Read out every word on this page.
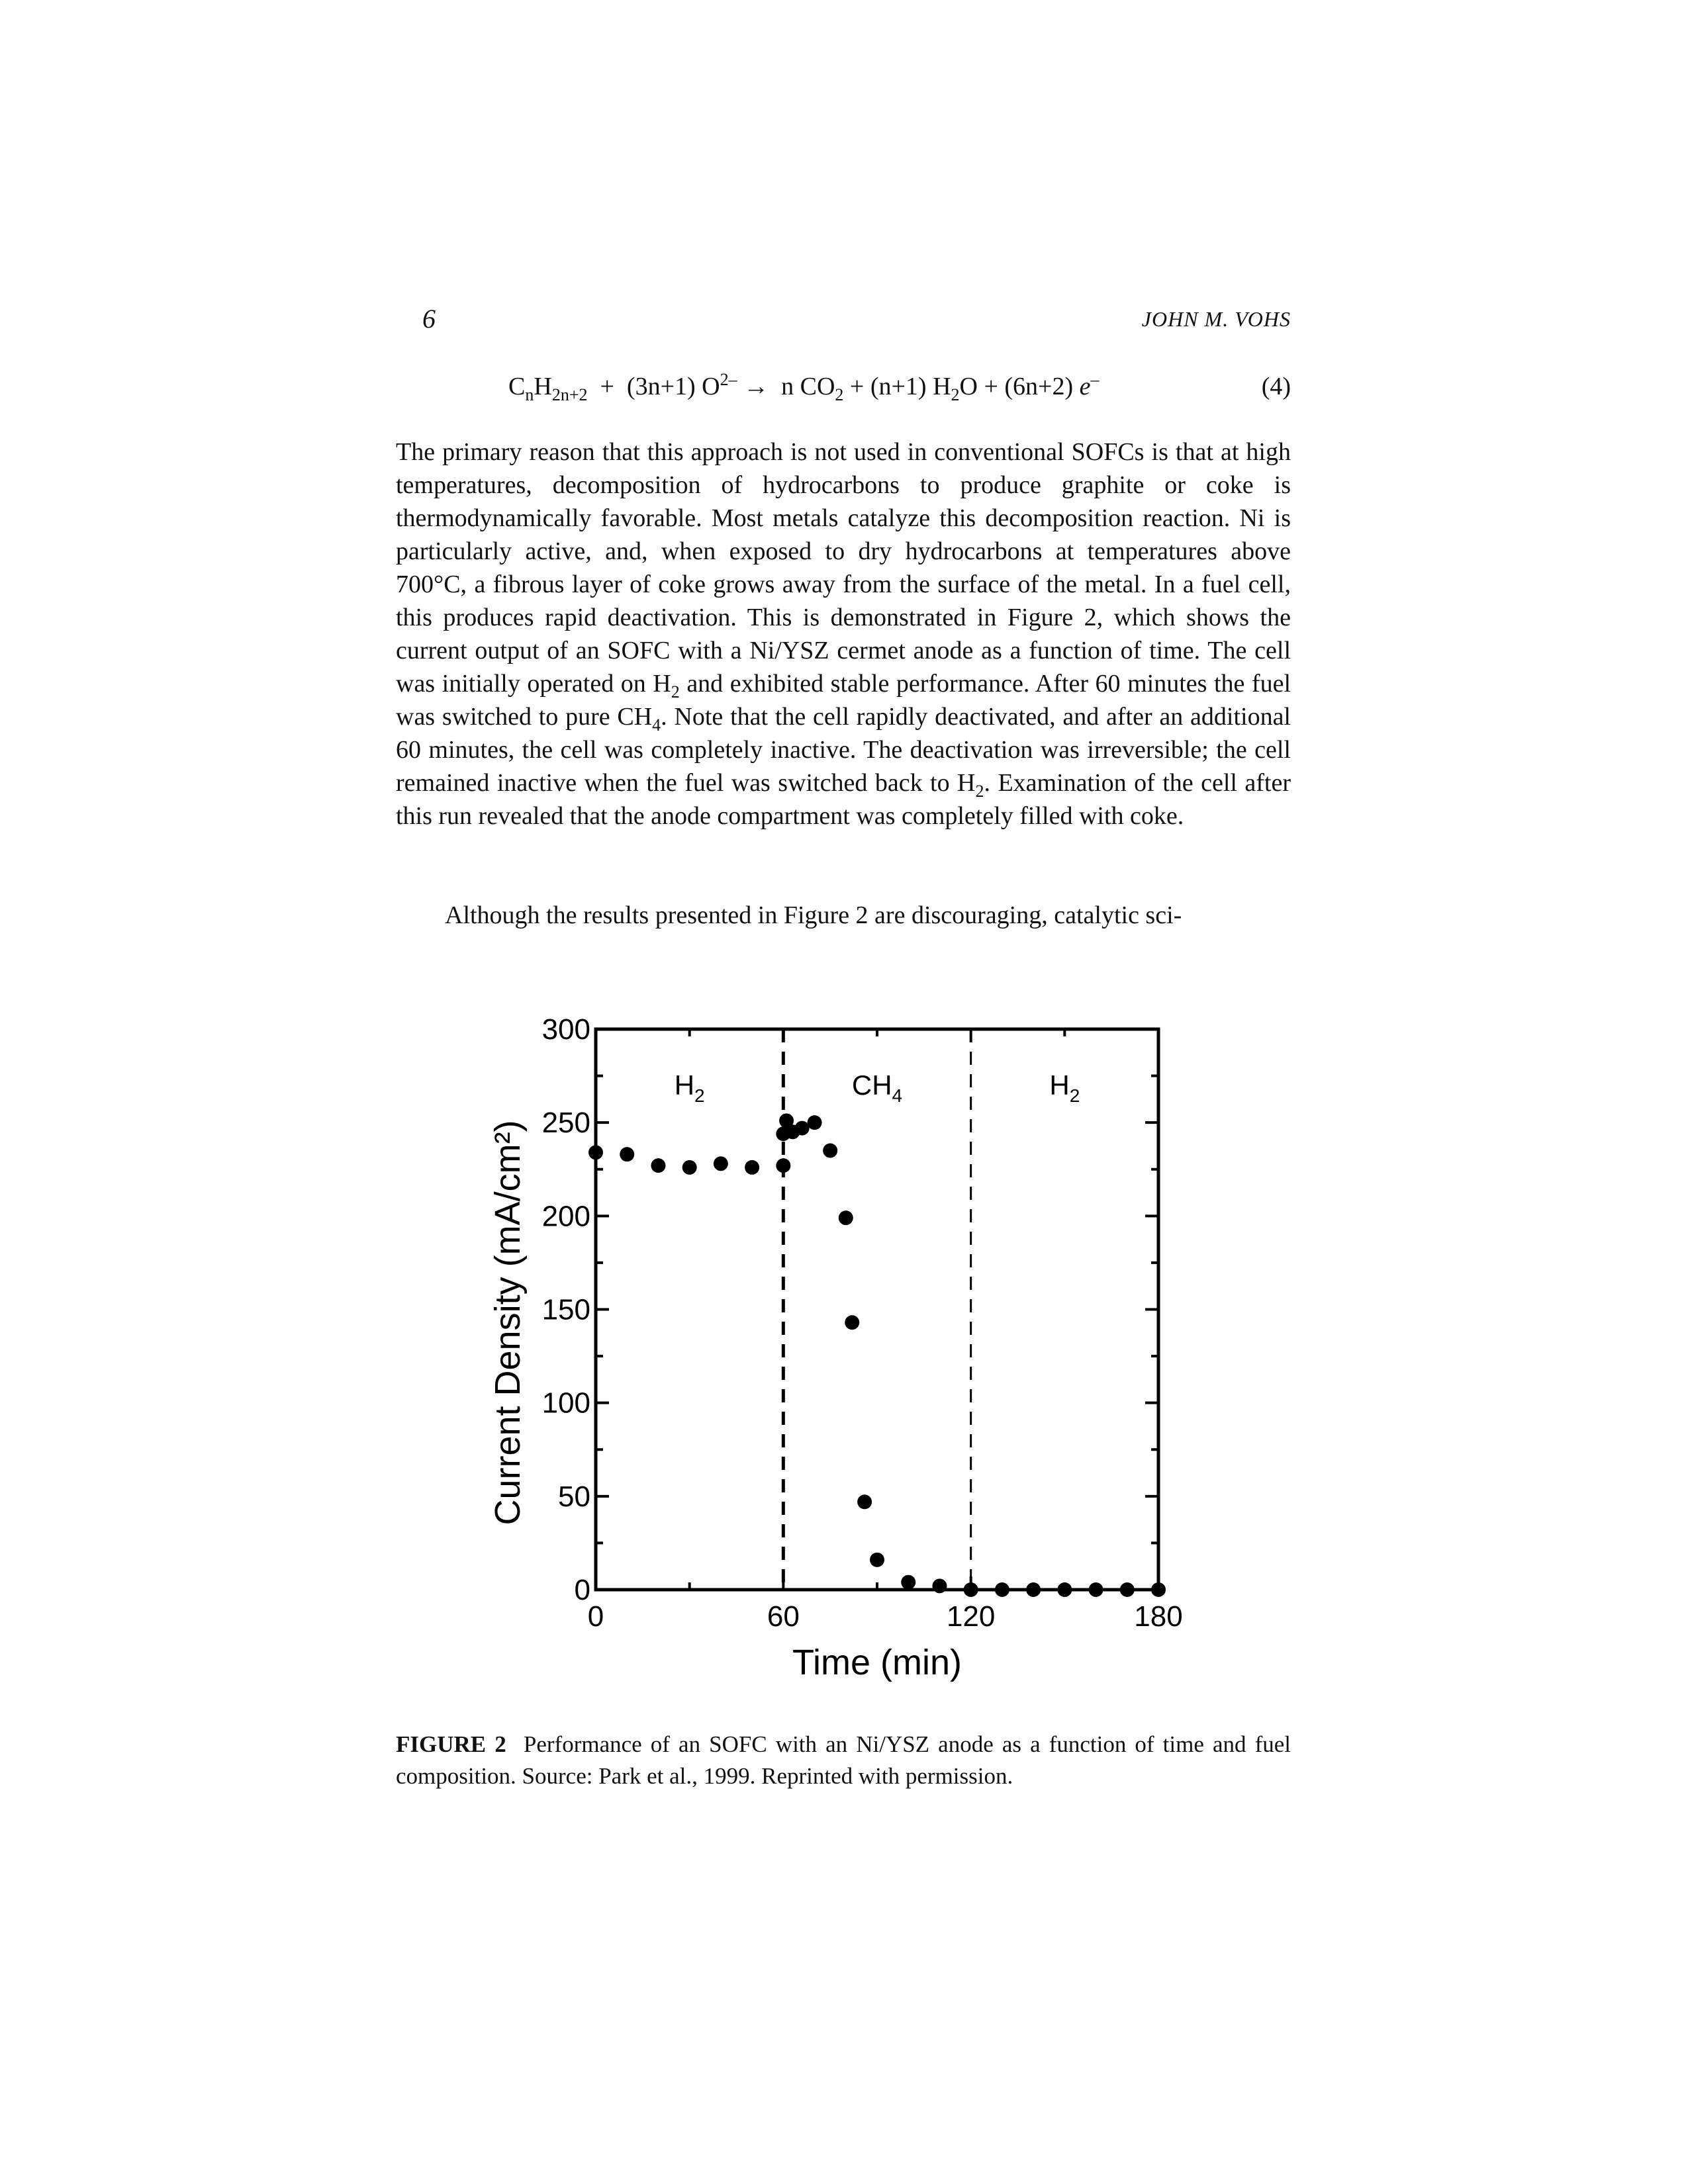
6	JOHN M. VOHS
$C_nH_{2n+2} + (3n+1) O^{2-} \to n$ $CO_2 + (n+1) H_2O + (6n+2)$ e–	(4)
The primary reason that this approach is not used in conventional SOFCs is that at high temperatures, decomposition of hydrocarbons to produce graphite or coke is thermodynamically favorable. Most metals catalyze this decomposition reaction. Ni is particularly active, and, when exposed to dry hydrocarbons at temperatures above 700°C, a fibrous layer of coke grows away from the surface of the metal. In a fuel cell, this produces rapid deactivation. This is demonstrated in Figure 2, which shows the current output of an SOFC with a Ni/YSZ cermet anode as a function of time. The cell was initially operated on $H_2$ and exhibited stable performance. After 60 minutes the fuel was switched to pure $CH_4$. Note that the cell rapidly deactivated, and after an additional 60 minutes, the cell was completely inactive. The deactivation was irreversible; the cell remained inactive when the fuel was switched back to $H_2$. Examination of the cell after this run revealed that the anode compartment was completely filled with coke.
Although the results presented in Figure 2 are discouraging, catalytic sci-
0
50
100
150
200
250
300
0	60	120	180
Time (min)
Current Density (mA/cm²)
$H_2$	$CH_4$	$H_2$
FIGURE 2 Performance of an SOFC with an Ni/YSZ anode as a function of time and fuel composition. Source: Park et al., 1999. Reprinted with permission.
